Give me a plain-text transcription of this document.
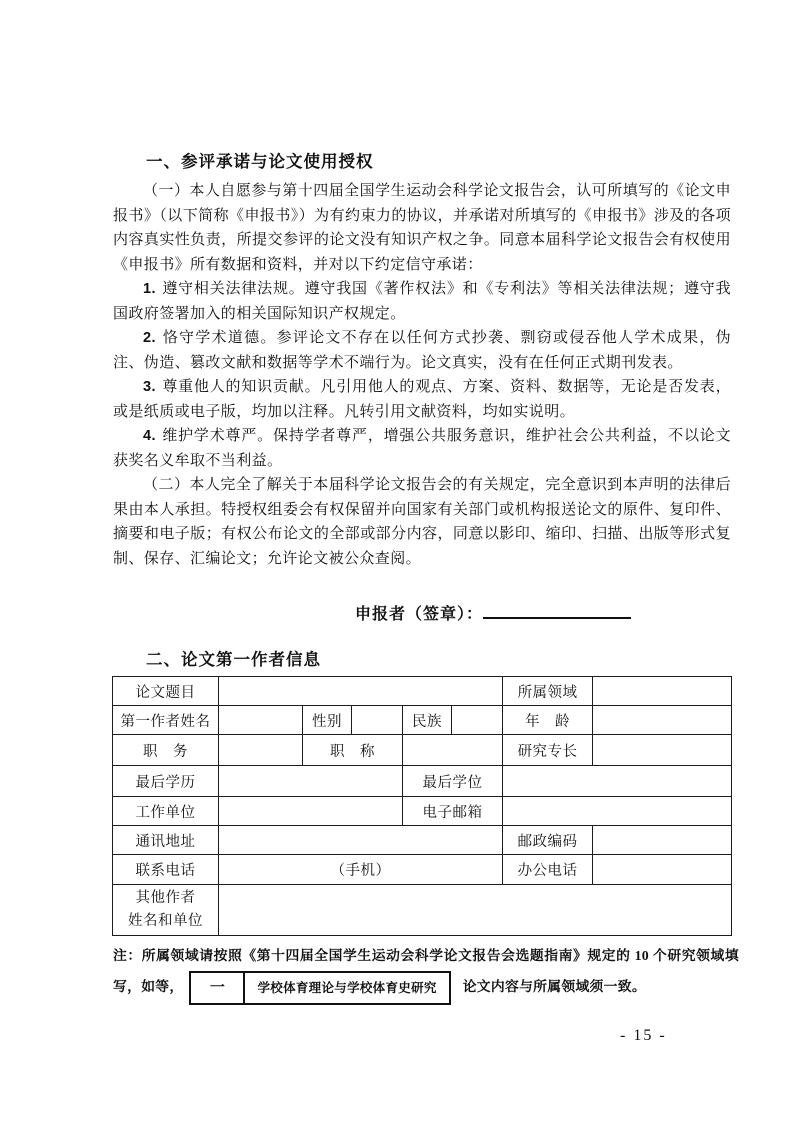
一、参评承诺与论文使用授权

（一）本人自愿参与第十四届全国学生运动会科学论文报告会，认可所填写的《论文申报书》（以下简称《申报书》）为有约束力的协议，并承诺对所填写的《申报书》涉及的各项内容真实性负责，所提交参评的论文没有知识产权之争。同意本届科学论文报告会有权使用《申报书》所有数据和资料，并对以下约定信守承诺：

1. 遵守相关法律法规。遵守我国《著作权法》和《专利法》等相关法律法规；遵守我国政府签署加入的相关国际知识产权规定。

2. 恪守学术道德。参评论文不存在以任何方式抄袭、剽窃或侵吞他人学术成果，伪注、伪造、篡改文献和数据等学术不端行为。论文真实，没有在任何正式期刊发表。

3. 尊重他人的知识贡献。凡引用他人的观点、方案、资料、数据等，无论是否发表，或是纸质或电子版，均加以注释。凡转引用文献资料，均如实说明。

4. 维护学术尊严。保持学者尊严，增强公共服务意识，维护社会公共利益，不以论文获奖名义牟取不当利益。

（二）本人完全了解关于本届科学论文报告会的有关规定，完全意识到本声明的法律后果由本人承担。特授权组委会有权保留并向国家有关部门或机构报送论文的原件、复印件、摘要和电子版；有权公布论文的全部或部分内容，同意以影印、缩印、扫描、出版等形式复制、保存、汇编论文；允许论文被公众查阅。

申报者（签章）：
二、论文第一作者信息
论文题目						所属领域	
第一作者姓名		性别		民族		年　龄	
职　务		职　称				研究专长	
最后学历				最后学位			
工作单位				电子邮箱			
通讯地址						邮政编码	
联系电话	（手机）					办公电话	

其他作者
姓名和单位							

注：所属领域请按照《第十四届全国学生运动会科学论文报告会选题指南》规定的 10 个研究领域填写，如等， 一	学校体育理论与学校体育史研究 论文内容与所属领域须一致。
- 15 -
